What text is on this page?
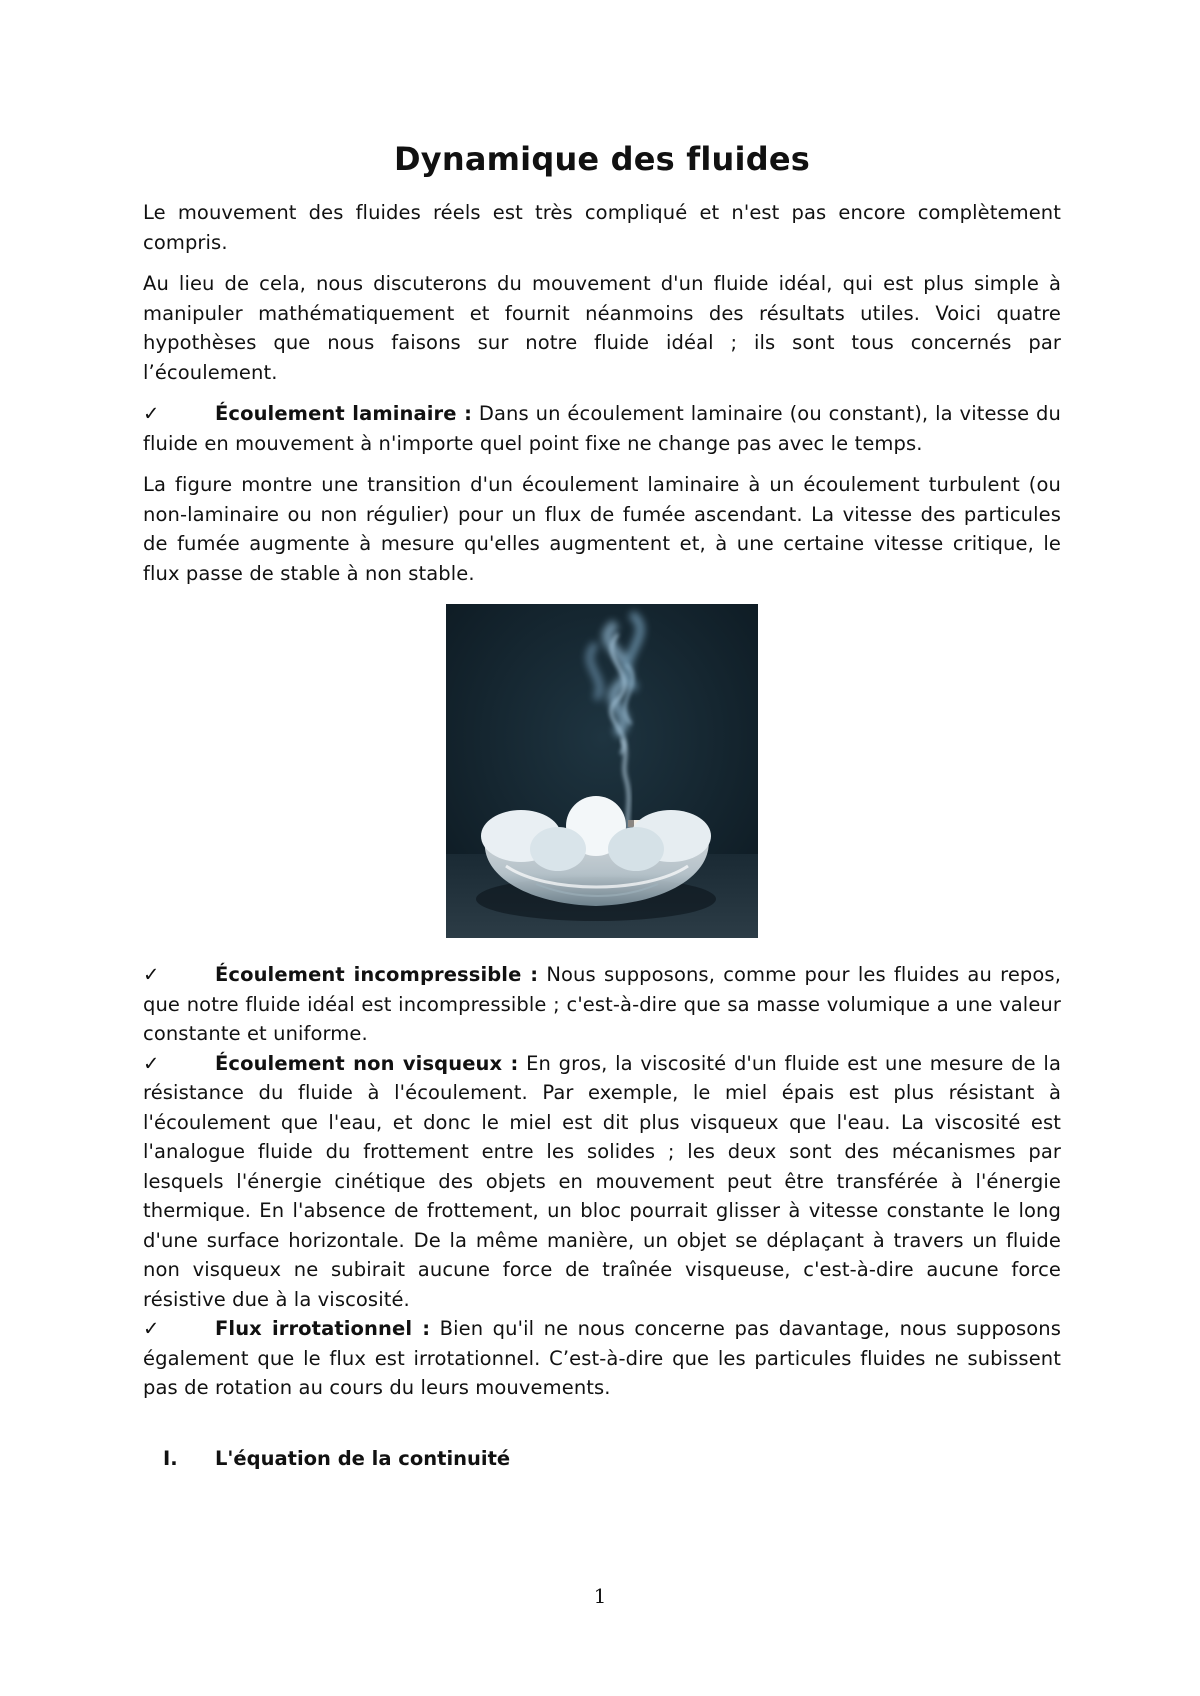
Dynamique des fluides

Le mouvement des fluides réels est très compliqué et n'est pas encore complètement compris.

Au lieu de cela, nous discuterons du mouvement d'un fluide idéal, qui est plus simple à manipuler mathématiquement et fournit néanmoins des résultats utiles. Voici quatre hypothèses que nous faisons sur notre fluide idéal ; ils sont tous concernés par l’écoulement.

✓	Écoulement laminaire : Dans un écoulement laminaire (ou constant), la vitesse du fluide en mouvement à n'importe quel point fixe ne change pas avec le temps.

La figure montre une transition d'un écoulement laminaire à un écoulement turbulent (ou non-laminaire ou non régulier) pour un flux de fumée ascendant. La vitesse des particules de fumée augmente à mesure qu'elles augmentent et, à une certaine vitesse critique, le flux passe de stable à non stable.

✓	Écoulement incompressible : Nous supposons, comme pour les fluides au repos, que notre fluide idéal est incompressible ; c'est-à-dire que sa masse volumique a une valeur constante et uniforme.

✓	Écoulement non visqueux : En gros, la viscosité d'un fluide est une mesure de la résistance du fluide à l'écoulement. Par exemple, le miel épais est plus résistant à l'écoulement que l'eau, et donc le miel est dit plus visqueux que l'eau. La viscosité est l'analogue fluide du frottement entre les solides ; les deux sont des mécanismes par lesquels l'énergie cinétique des objets en mouvement peut être transférée à l'énergie thermique. En l'absence de frottement, un bloc pourrait glisser à vitesse constante le long d'une surface horizontale. De la même manière, un objet se déplaçant à travers un fluide non visqueux ne subirait aucune force de traînée visqueuse, c'est-à-dire aucune force résistive due à la viscosité.

✓	Flux irrotationnel : Bien qu'il ne nous concerne pas davantage, nous supposons également que le flux est irrotationnel. C’est-à-dire que les particules fluides ne subissent pas de rotation au cours du leurs mouvements.

I.	L'équation de la continuité
1
